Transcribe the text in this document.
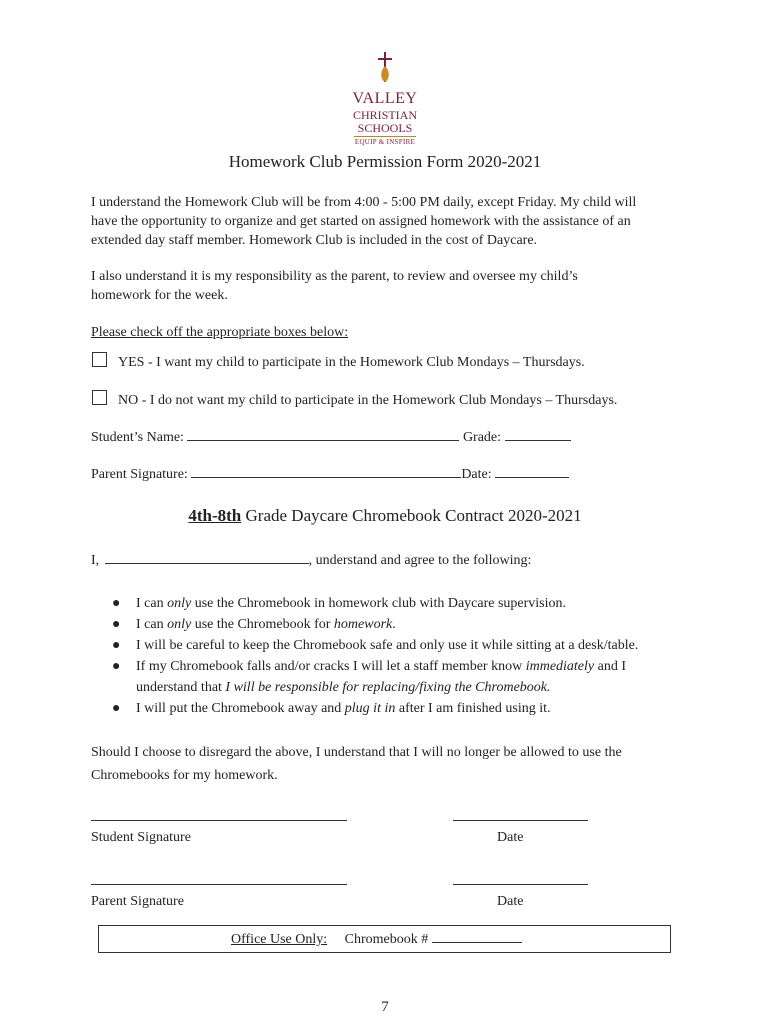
VALLEY
CHRISTIAN
SCHOOLS
EQUIP & INSPIRE
Homework Club Permission Form 2020-2021
I understand the Homework Club will be from 4:00 - 5:00 PM daily, except Friday. My child will
have the opportunity to organize and get started on assigned homework with the assistance of an
extended day staff member. Homework Club is included in the cost of Daycare.
I also understand it is my responsibility as the parent, to review and oversee my child’s
homework for the week.
Please check off the appropriate boxes below:
YES - I want my child to participate in the Homework Club Mondays – Thursdays.
NO - I do not want my child to participate in the Homework Club Mondays – Thursdays.
Student’s Name:	Grade:
Parent Signature:	Date:
4th-8th Grade Daycare Chromebook Contract 2020-2021
I,	, understand and agree to the following:
● I can only use the Chromebook in homework club with Daycare supervision.
● I can only use the Chromebook for homework.
● I will be careful to keep the Chromebook safe and only use it while sitting at a desk/table.
● If my Chromebook falls and/or cracks I will let a staff member know immediately and I
understand that I will be responsible for replacing/fixing the Chromebook.
● I will put the Chromebook away and plug it in after I am finished using it.
Should I choose to disregard the above, I understand that I will no longer be allowed to use the
Chromebooks for my homework.
Student Signature	Date
Parent Signature	Date
Office Use Only: Chromebook #
7
